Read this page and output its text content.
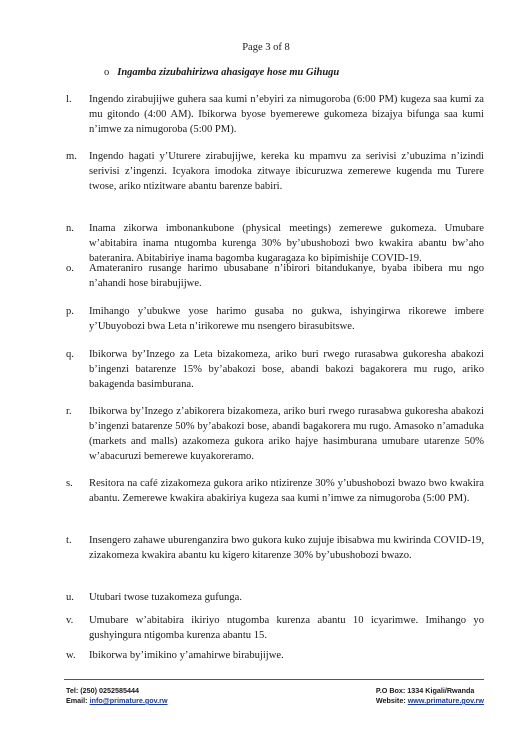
Page 3 of 8
o Ingamba zizubahirizwa ahasigaye hose mu Gihugu
l.	Ingendo zirabujijwe guhera saa kumi n’ebyiri za nimugoroba (6:00 PM) kugeza saa kumi za mu gitondo (4:00 AM). Ibikorwa byose byemerewe gukomeza bizajya bifunga saa kumi n’imwe za nimugoroba (5:00 PM).
m.	Ingendo hagati y’Uturere zirabujijwe, kereka ku mpamvu za serivisi z’ubuzima n’izindi serivisi z’ingenzi. Icyakora imodoka zitwaye ibicuruzwa zemerewe kugenda mu Turere twose, ariko ntizitware abantu barenze babiri.
n.	Inama zikorwa imbonankubone (physical meetings) zemerewe gukomeza. Umubare w’abitabira inama ntugomba kurenga 30% by’ubushobozi bwo kwakira abantu bw’aho bateranira. Abitabiriye inama bagomba kugaragaza ko bipimishije COVID-19.
o.	Amateraniro rusange harimo ubusabane n’ibirori bitandukanye, byaba ibibera mu ngo n’ahandi hose birabujijwe.
p.	Imihango y’ubukwe yose harimo gusaba no gukwa, ishyingirwa rikorewe imbere y’Ubuyobozi bwa Leta n’irikorewe mu nsengero birasubitswe.
q.	Ibikorwa by’Inzego za Leta bizakomeza, ariko buri rwego rurasabwa gukoresha abakozi b’ingenzi batarenze 15% by’abakozi bose, abandi bakozi bagakorera mu rugo, ariko bakagenda basimburana.
r.	Ibikorwa by’Inzego z’abikorera bizakomeza, ariko buri rwego rurasabwa gukoresha abakozi b’ingenzi batarenze 50% by’abakozi bose, abandi bagakorera mu rugo. Amasoko n’amaduka (markets and malls) azakomeza gukora ariko hajye hasimburana umubare utarenze 50% w’abacuruzi bemerewe kuyakoreramo.
s.	Resitora na café zizakomeza gukora ariko ntizirenze 30% y’ubushobozi bwazo bwo kwakira abantu. Zemerewe kwakira abakiriya kugeza saa kumi n’imwe za nimugoroba (5:00 PM).
t.	Insengero zahawe uburenganzira bwo gukora kuko zujuje ibisabwa mu kwirinda COVID-19, zizakomeza kwakira abantu ku kigero kitarenze 30% by’ubushobozi bwazo.
u.	Utubari twose tuzakomeza gufunga.
v.	Umubare w’abitabira ikiriyo ntugomba kurenza abantu 10 icyarimwe. Imihango yo gushyingura ntigomba kurenza abantu 15.
w.	Ibikorwa by’imikino y’amahirwe birabujijwe.
Tel: (250) 0252585444
Email: info@primature.gov.rw
P.O Box: 1334 Kigali/Rwanda
Website: www.primature.gov.rw
